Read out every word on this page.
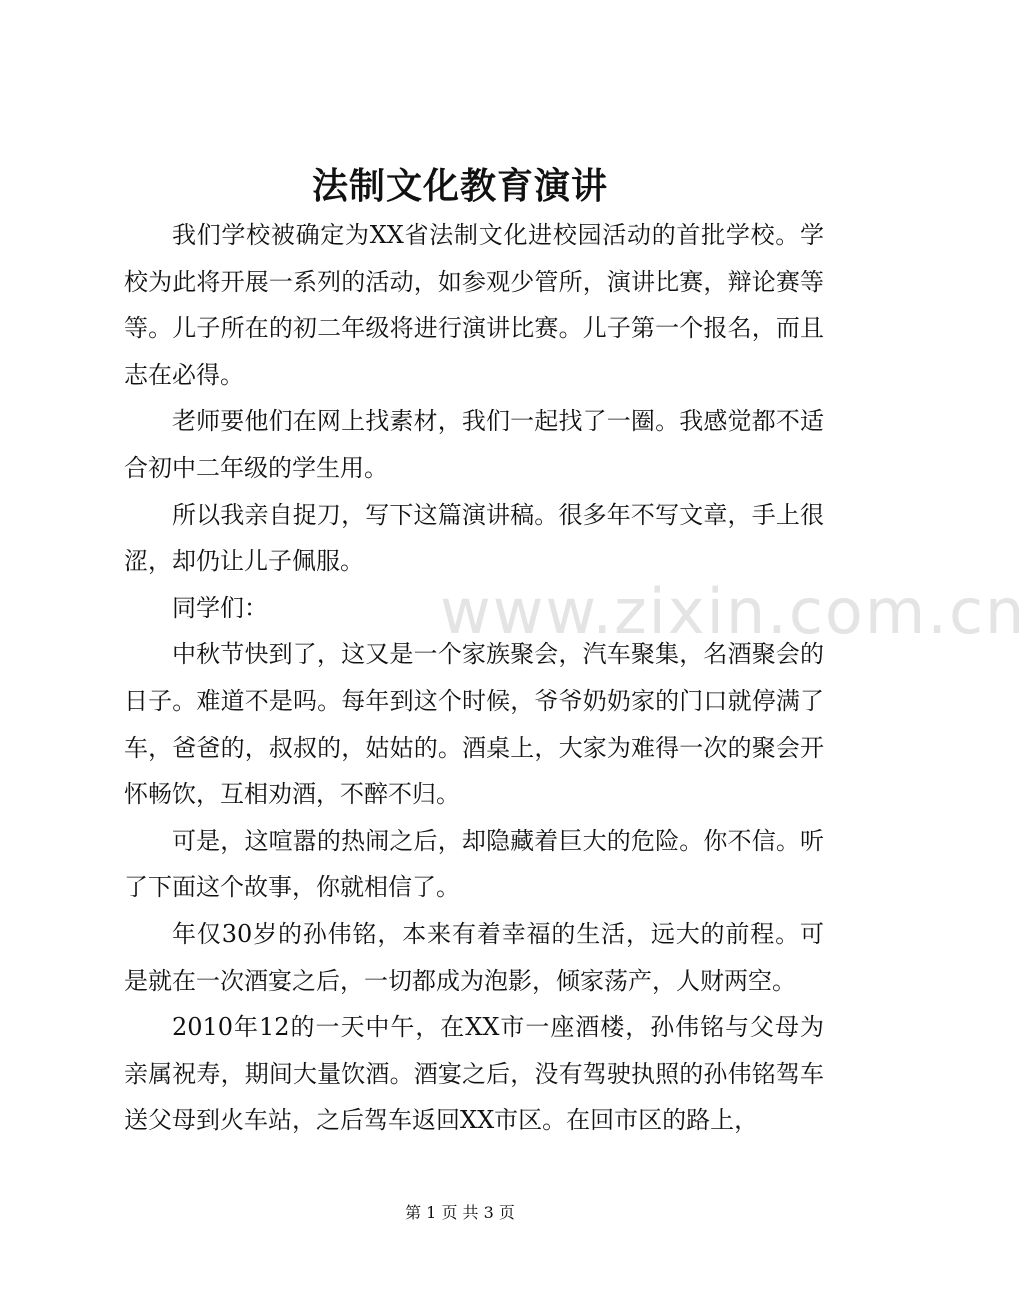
www.zixin.com.cn
法制文化教育演讲

我们学校被确定为XX省法制文化进校园活动的首批学校。学校为此将开展一系列的活动，如参观少管所，演讲比赛，辩论赛等等。儿子所在的初二年级将进行演讲比赛。儿子第一个报名，而且志在必得。

老师要他们在网上找素材，我们一起找了一圈。我感觉都不适合初中二年级的学生用。

所以我亲自捉刀，写下这篇演讲稿。很多年不写文章，手上很涩，却仍让儿子佩服。

同学们：

中秋节快到了，这又是一个家族聚会，汽车聚集，名酒聚会的日子。难道不是吗。每年到这个时候，爷爷奶奶家的门口就停满了车，爸爸的，叔叔的，姑姑的。酒桌上，大家为难得一次的聚会开怀畅饮，互相劝酒，不醉不归。

可是，这喧嚣的热闹之后，却隐藏着巨大的危险。你不信。听了下面这个故事，你就相信了。

年仅30岁的孙伟铭，本来有着幸福的生活，远大的前程。可是就在一次酒宴之后，一切都成为泡影，倾家荡产，人财两空。

2010年12的一天中午，在XX市一座酒楼，孙伟铭与父母为亲属祝寿，期间大量饮酒。酒宴之后，没有驾驶执照的孙伟铭驾车送父母到火车站，之后驾车返回XX市区。在回市区的路上，

第 1 页 共 3 页
